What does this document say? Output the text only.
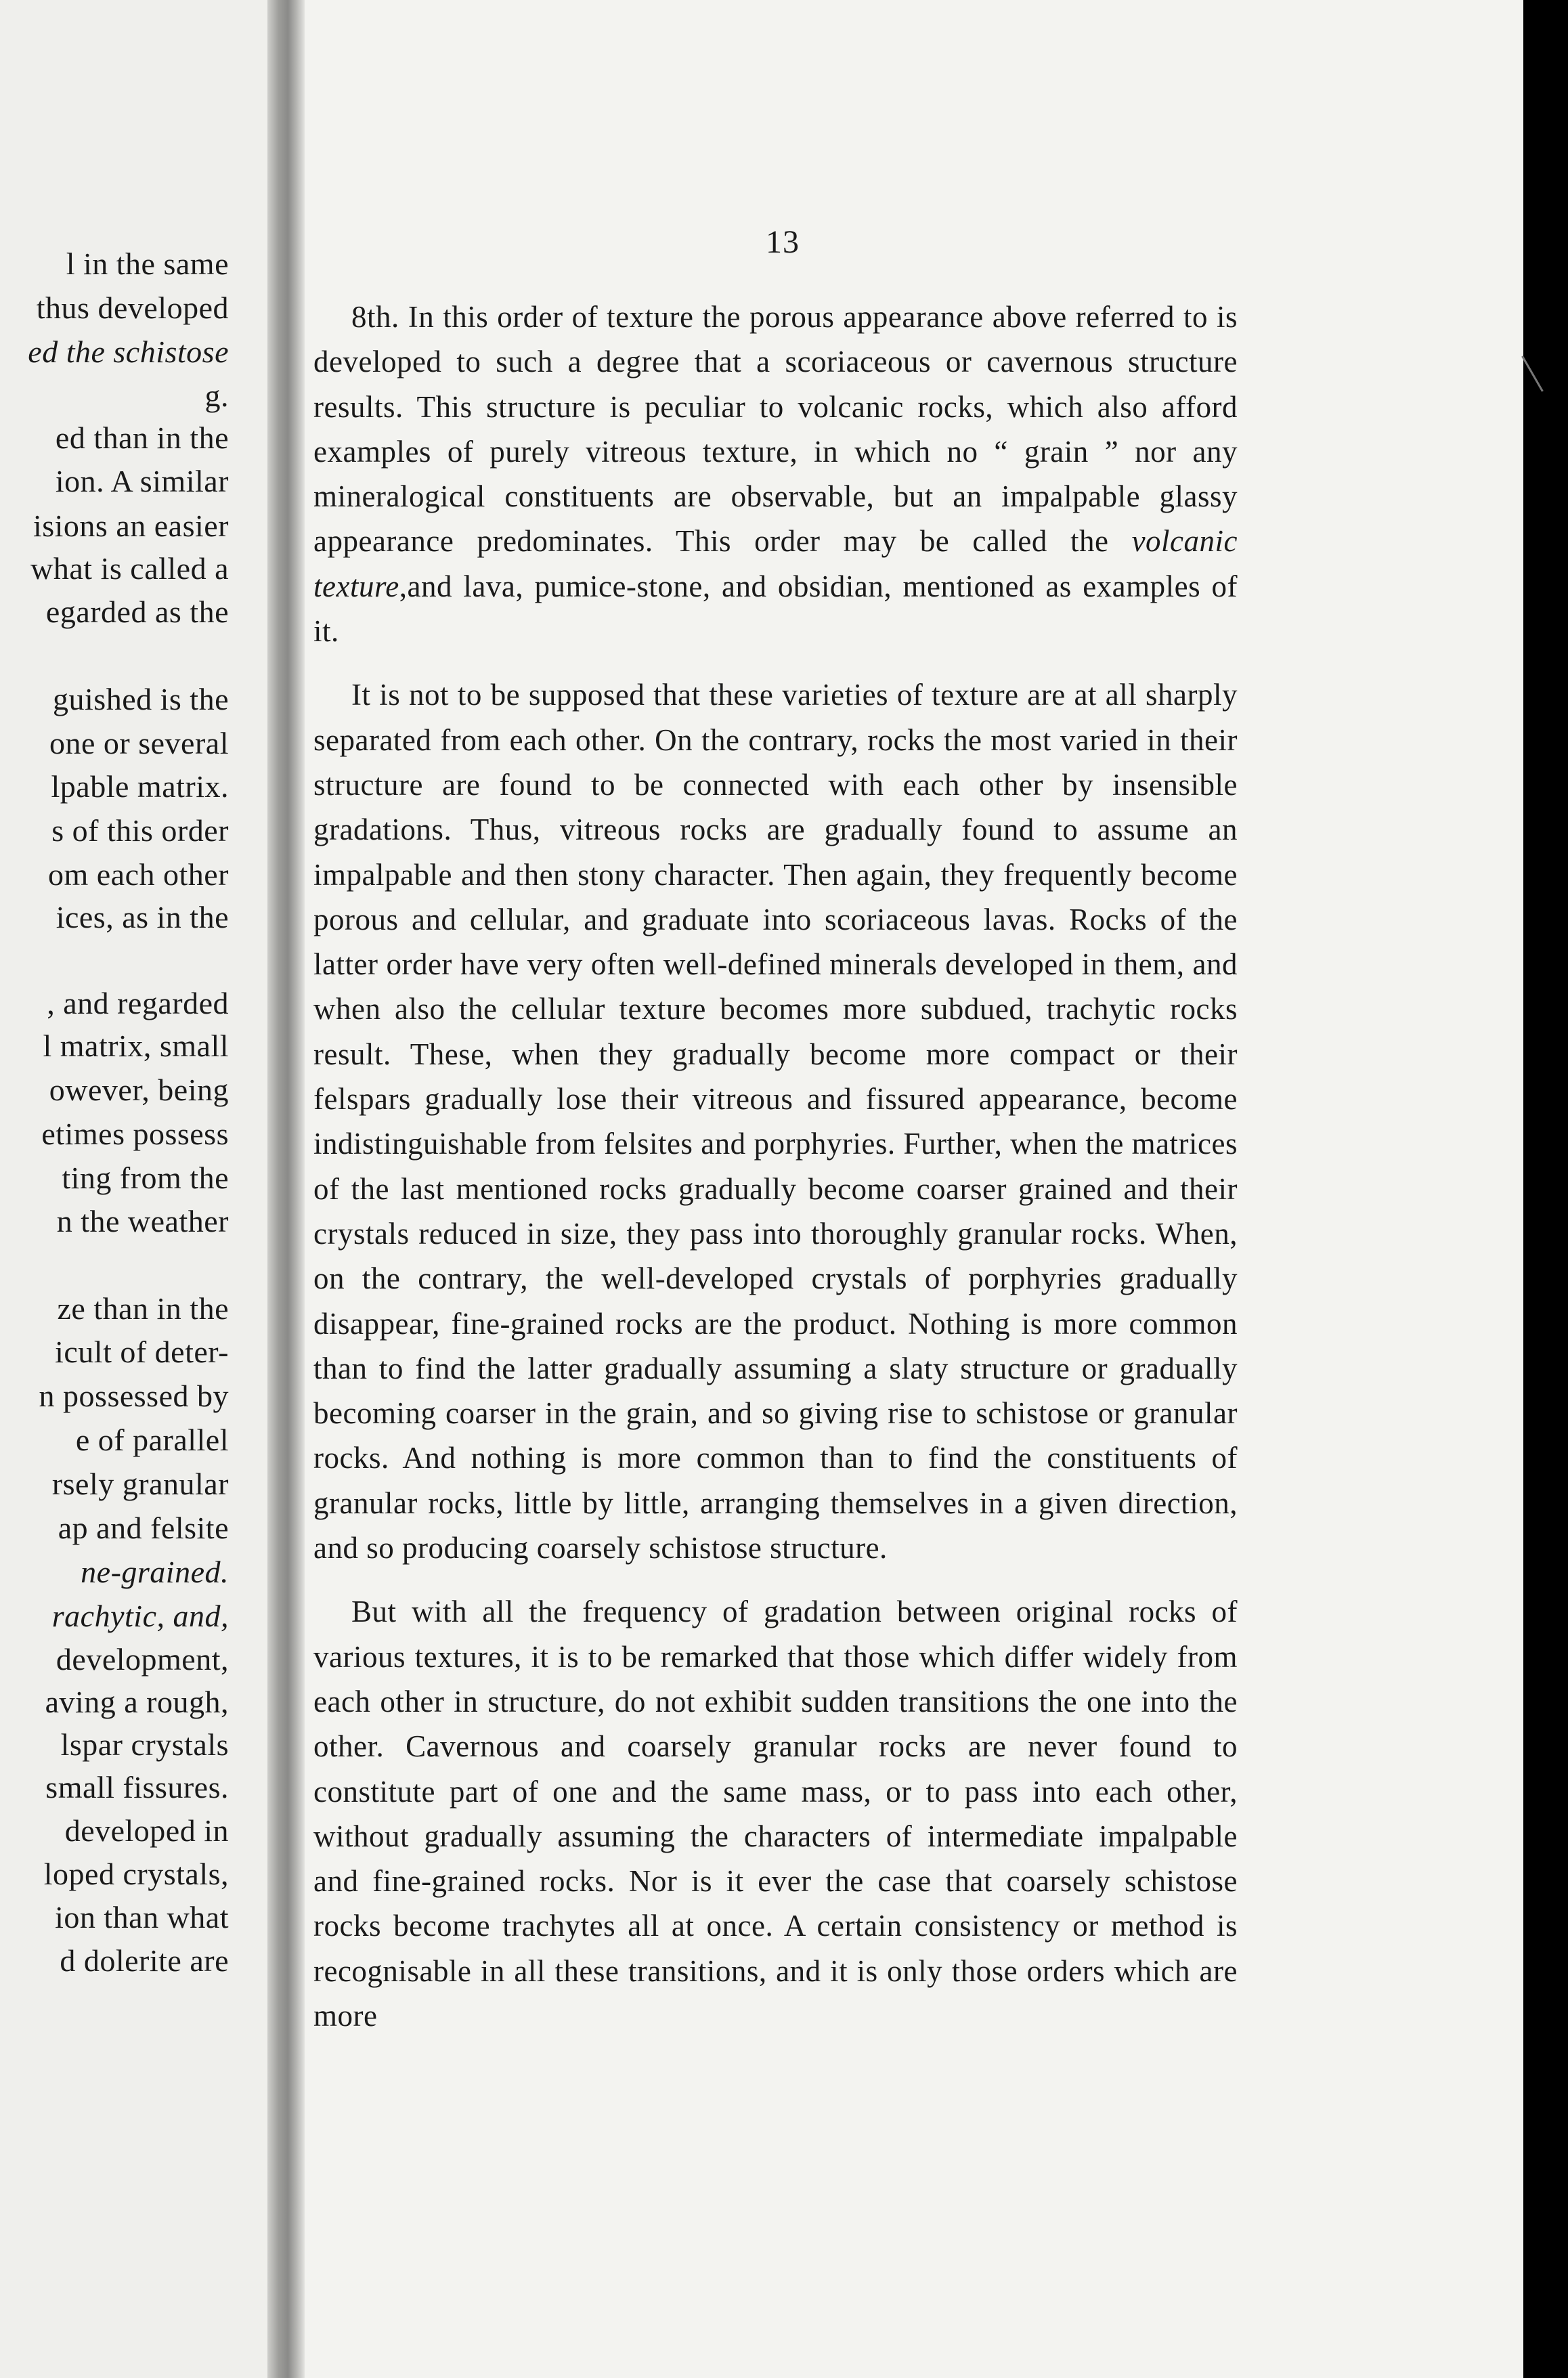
l in the same
thus developed
ed the schistose
g.
ed than in the
ion. A similar
isions an easier
what is called a
egarded as the
guished is the
one or several
lpable matrix.
s of this order
om each other
ices, as in the
, and regarded
l matrix, small
owever, being
etimes possess
ting from the
n the weather
ze than in the
icult of deter-
n possessed by
e of parallel
rsely granular
ap and felsite
ne-grained.
rachytic, and,
development,
aving a rough,
lspar crystals
small fissures.
developed in
loped crystals,
ion than what
d dolerite are
13

8th. In this order of texture the porous appearance above referred to is developed to such a degree that a scoriaceous or cavernous structure results. This structure is peculiar to volcanic rocks, which also afford examples of purely vitreous texture, in which no “ grain ” nor any mineralogical constituents are observable, but an impalpable glassy appearance predominates. This order may be called the volcanic texture,and lava, pumice-stone, and obsidian, mentioned as examples of it.

It is not to be supposed that these varieties of texture are at all sharply separated from each other. On the contrary, rocks the most varied in their structure are found to be connected with each other by insensible gradations. Thus, vitreous rocks are gradually found to assume an impalpable and then stony character. Then again, they frequently become porous and cellular, and graduate into scoriaceous lavas. Rocks of the latter order have very often well-defined minerals developed in them, and when also the cellular texture becomes more subdued, trachytic rocks result. These, when they gradually become more compact or their felspars gradually lose their vitreous and fissured appearance, become indistinguishable from felsites and porphyries. Further, when the matrices of the last mentioned rocks gradually become coarser grained and their crystals reduced in size, they pass into thoroughly granular rocks. When, on the contrary, the well-developed crystals of porphyries gradually disappear, fine-grained rocks are the product. Nothing is more common than to find the latter gradually assuming a slaty structure or gradually becoming coarser in the grain, and so giving rise to schistose or granular rocks. And nothing is more common than to find the constituents of granular rocks, little by little, arranging themselves in a given direction, and so producing coarsely schistose structure.

But with all the frequency of gradation between original rocks of various textures, it is to be remarked that those which differ widely from each other in structure, do not exhibit sudden transitions the one into the other. Cavernous and coarsely granular rocks are never found to constitute part of one and the same mass, or to pass into each other, without gradually assuming the characters of intermediate impalpable and fine-grained rocks. Nor is it ever the case that coarsely schistose rocks become trachytes all at once. A certain consistency or method is recognisable in all these transitions, and it is only those orders which are more
